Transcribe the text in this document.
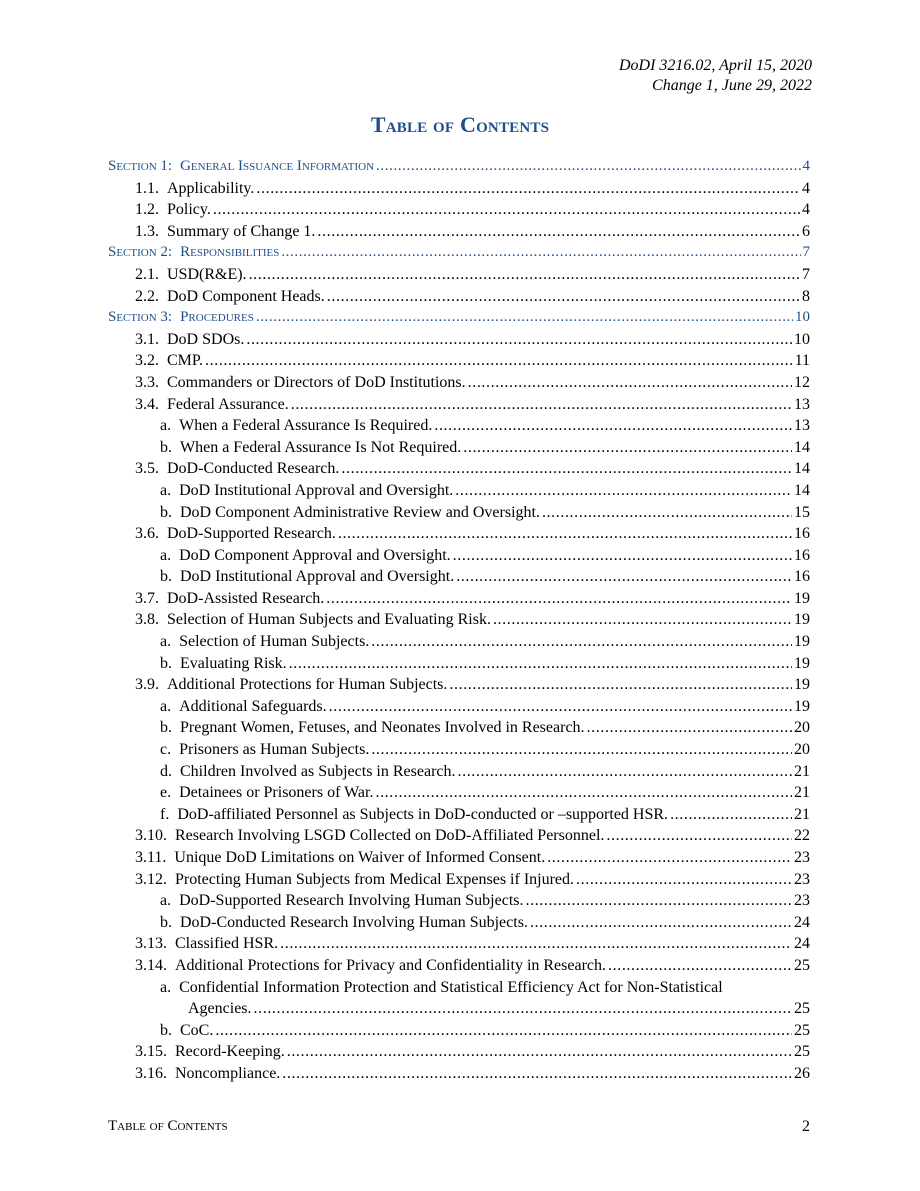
DoDI 3216.02, April 15, 2020
Change 1, June 29, 2022
Table of Contents
Section 1: General Issuance Information .....	4
1.1. Applicability. .....	4
1.2. Policy. .....	4
1.3. Summary of Change 1. .....	6
Section 2: Responsibilities .....	7
2.1. USD(R&E). .....	7
2.2. DoD Component Heads. .....	8
Section 3: Procedures .....	10
3.1. DoD SDOs. .....	10
3.2. CMP. .....	11
3.3. Commanders or Directors of DoD Institutions. .....	12
3.4. Federal Assurance. .....	13
a. When a Federal Assurance Is Required. .....	13
b. When a Federal Assurance Is Not Required. .....	14
3.5. DoD-Conducted Research. .....	14
a. DoD Institutional Approval and Oversight. .....	14
b. DoD Component Administrative Review and Oversight. .....	15
3.6. DoD-Supported Research. .....	16
a. DoD Component Approval and Oversight. .....	16
b. DoD Institutional Approval and Oversight. .....	16
3.7. DoD-Assisted Research. .....	19
3.8. Selection of Human Subjects and Evaluating Risk. .....	19
a. Selection of Human Subjects. .....	19
b. Evaluating Risk. .....	19
3.9. Additional Protections for Human Subjects. .....	19
a. Additional Safeguards. .....	19
b. Pregnant Women, Fetuses, and Neonates Involved in Research. .....	20
c. Prisoners as Human Subjects. .....	20
d. Children Involved as Subjects in Research. .....	21
e. Detainees or Prisoners of War. .....	21
f. DoD-affiliated Personnel as Subjects in DoD-conducted or –supported HSR. .....	21
3.10. Research Involving LSGD Collected on DoD-Affiliated Personnel. .....	22
3.11. Unique DoD Limitations on Waiver of Informed Consent. .....	23
3.12. Protecting Human Subjects from Medical Expenses if Injured. .....	23
a. DoD-Supported Research Involving Human Subjects. .....	23
b. DoD-Conducted Research Involving Human Subjects. .....	24
3.13. Classified HSR. .....	24
3.14. Additional Protections for Privacy and Confidentiality in Research. .....	25
a. Confidential Information Protection and Statistical Efficiency Act for Non-Statistical
Agencies. .....	25
b. CoC. .....	25
3.15. Record-Keeping. .....	25
3.16. Noncompliance. .....	26
Table of Contents	2
